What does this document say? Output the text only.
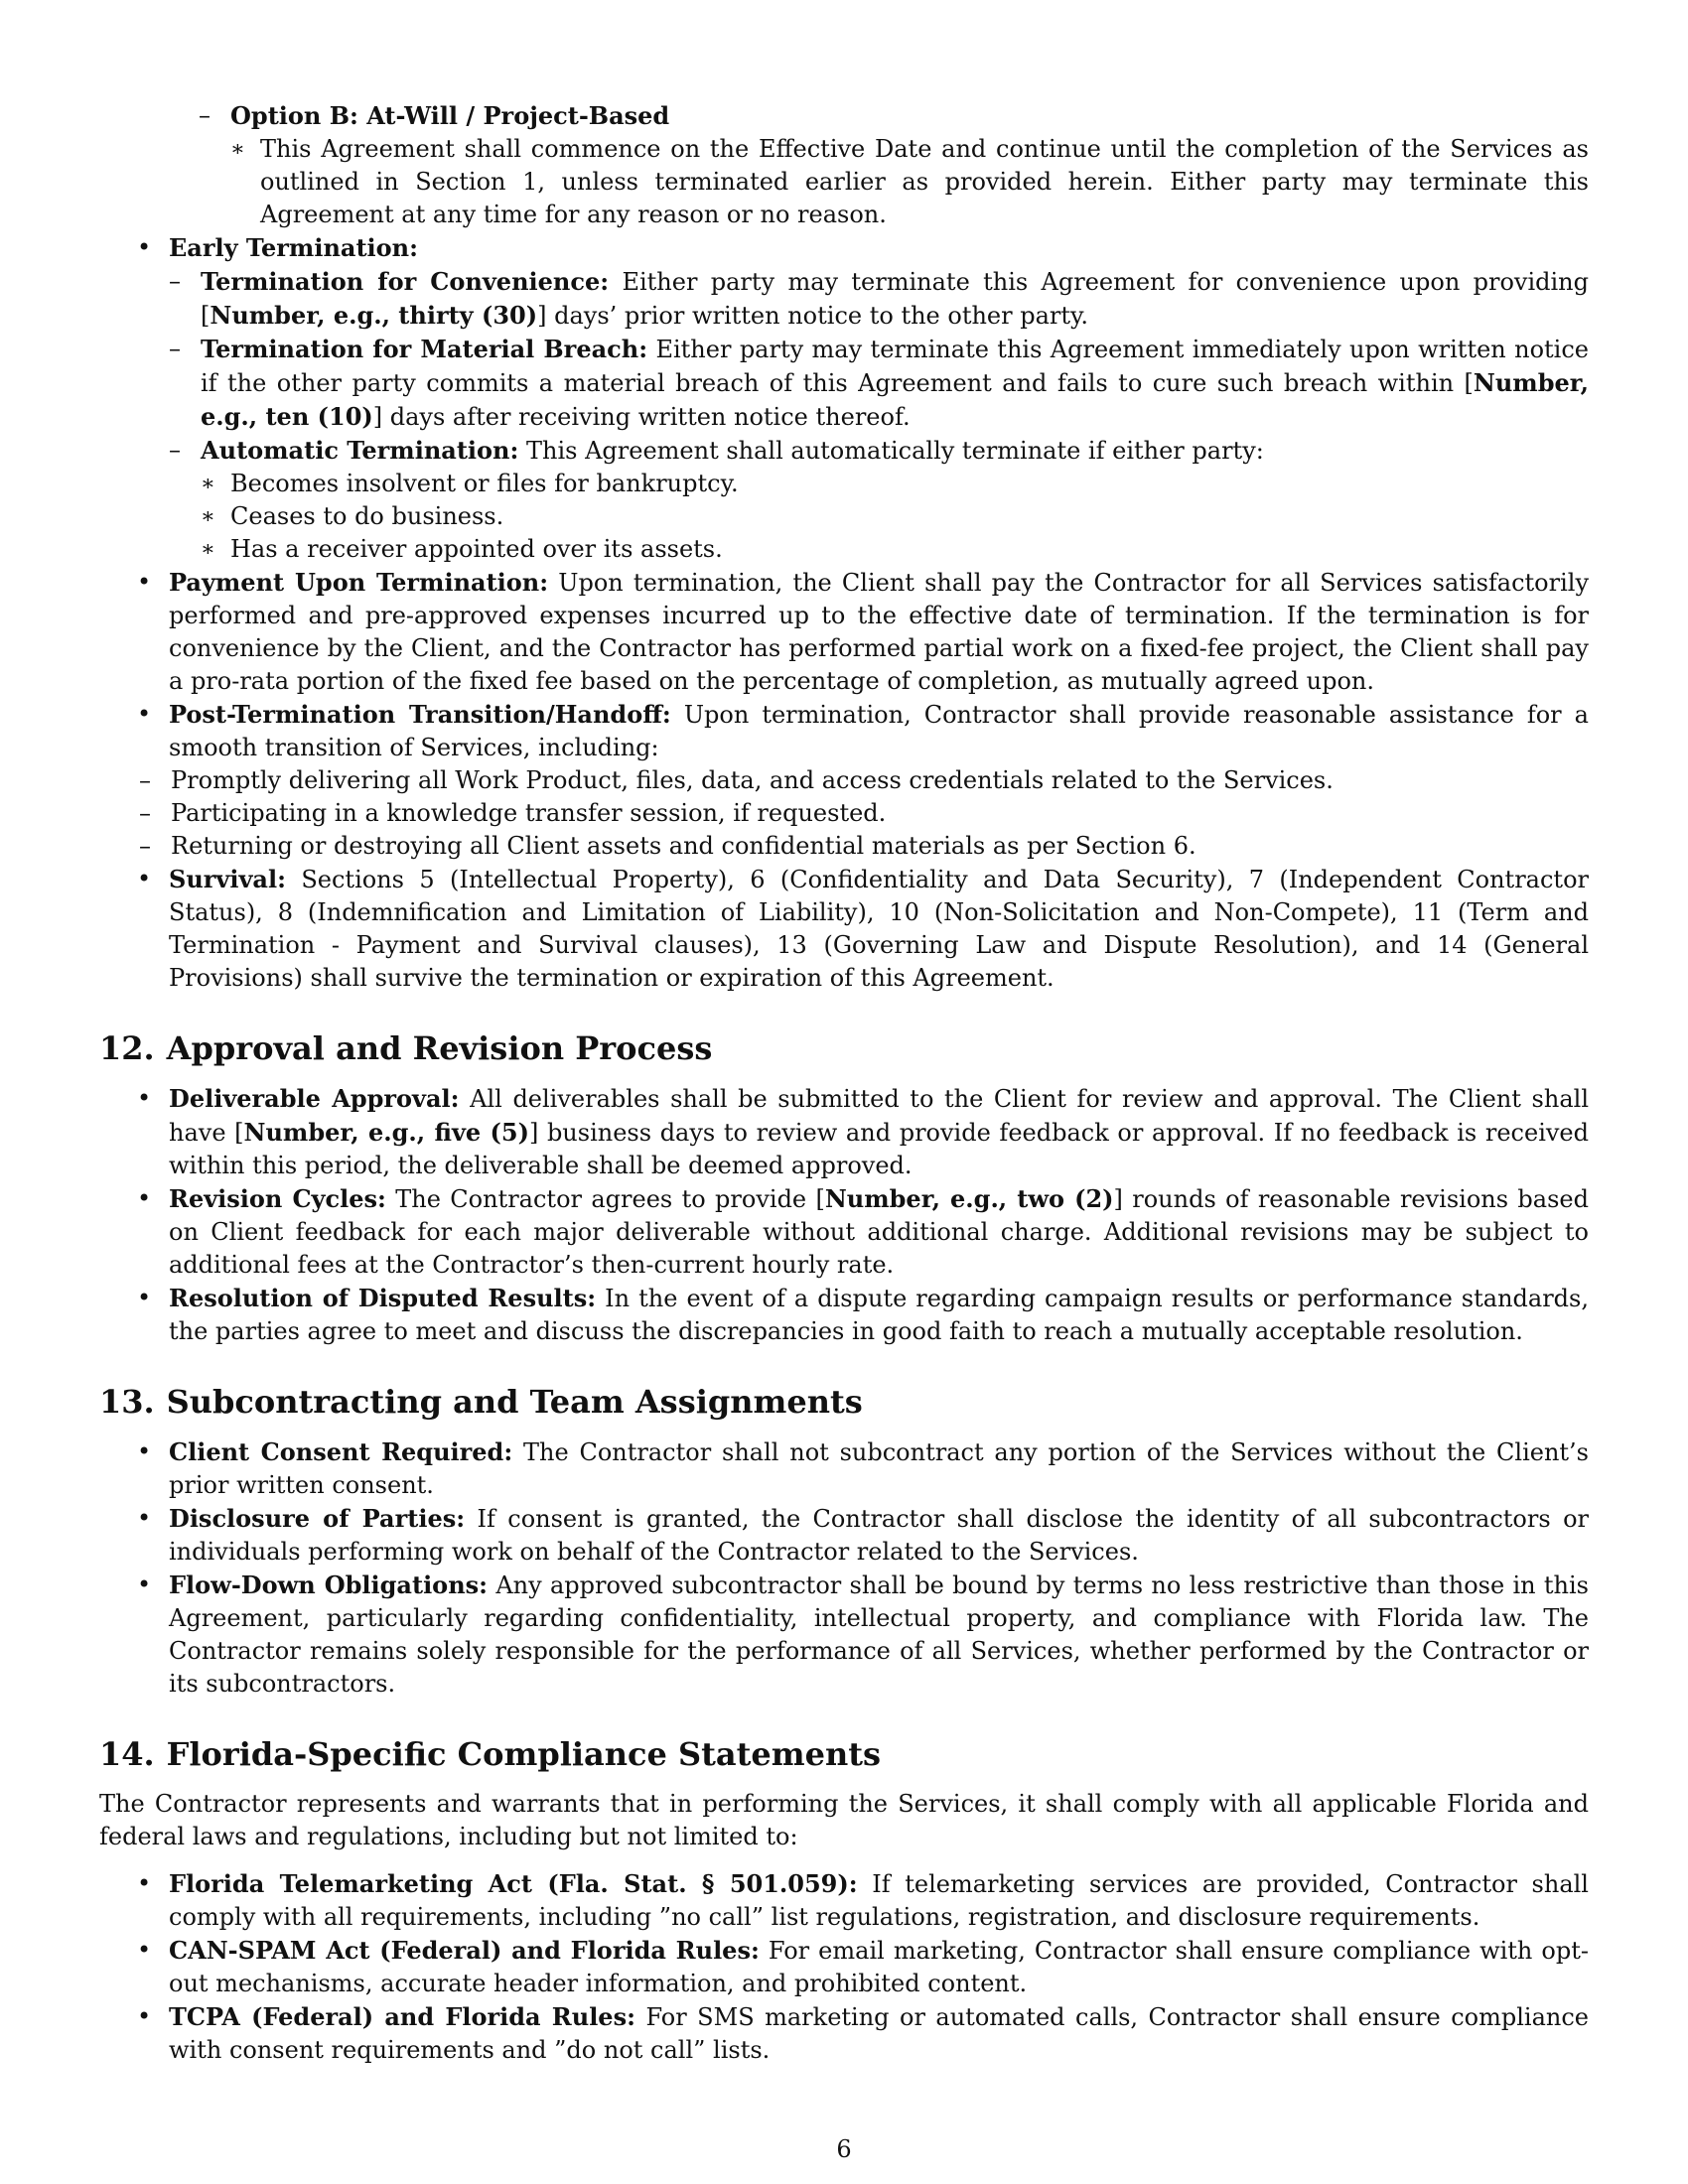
– Option B: At-Will / Project-Based
∗ This Agreement shall commence on the Effective Date and continue until the completion of the Services as outlined in Section 1, unless terminated earlier as provided herein. Either party may terminate this Agreement at any time for any reason or no reason.
• Early Termination:
– Termination for Convenience: Either party may terminate this Agreement for convenience upon providing [Number, e.g., thirty (30)] days’ prior written notice to the other party.
– Termination for Material Breach: Either party may terminate this Agreement immediately upon written notice if the other party commits a material breach of this Agreement and fails to cure such breach within [Number, e.g., ten (10)] days after receiving written notice thereof.
– Automatic Termination: This Agreement shall automatically terminate if either party:
∗ Becomes insolvent or files for bankruptcy.
∗ Ceases to do business.
∗ Has a receiver appointed over its assets.
• Payment Upon Termination: Upon termination, the Client shall pay the Contractor for all Services satisfactorily performed and pre-approved expenses incurred up to the effective date of termination. If the termination is for convenience by the Client, and the Contractor has performed partial work on a fixed-fee project, the Client shall pay a pro-rata portion of the fixed fee based on the percentage of completion, as mutually agreed upon.
• Post-Termination Transition/Handoff: Upon termination, Contractor shall provide reasonable assistance for a smooth transition of Services, including:
– Promptly delivering all Work Product, files, data, and access credentials related to the Services.
– Participating in a knowledge transfer session, if requested.
– Returning or destroying all Client assets and confidential materials as per Section 6.
• Survival: Sections 5 (Intellectual Property), 6 (Confidentiality and Data Security), 7 (Independent Contractor Status), 8 (Indemnification and Limitation of Liability), 10 (Non-Solicitation and Non-Compete), 11 (Term and Termination - Payment and Survival clauses), 13 (Governing Law and Dispute Resolution), and 14 (General Provisions) shall survive the termination or expiration of this Agreement.
12. Approval and Revision Process
• Deliverable Approval: All deliverables shall be submitted to the Client for review and approval. The Client shall have [Number, e.g., five (5)] business days to review and provide feedback or approval. If no feedback is received within this period, the deliverable shall be deemed approved.
• Revision Cycles: The Contractor agrees to provide [Number, e.g., two (2)] rounds of reasonable revisions based on Client feedback for each major deliverable without additional charge. Additional revisions may be subject to additional fees at the Contractor’s then-current hourly rate.
• Resolution of Disputed Results: In the event of a dispute regarding campaign results or performance standards, the parties agree to meet and discuss the discrepancies in good faith to reach a mutually acceptable resolution.
13. Subcontracting and Team Assignments
• Client Consent Required: The Contractor shall not subcontract any portion of the Services without the Client’s prior written consent.
• Disclosure of Parties: If consent is granted, the Contractor shall disclose the identity of all subcontractors or individuals performing work on behalf of the Contractor related to the Services.
• Flow-Down Obligations: Any approved subcontractor shall be bound by terms no less restrictive than those in this Agreement, particularly regarding confidentiality, intellectual property, and compliance with Florida law. The Contractor remains solely responsible for the performance of all Services, whether performed by the Contractor or its subcontractors.
14. Florida-Specific Compliance Statements

The Contractor represents and warrants that in performing the Services, it shall comply with all applicable Florida and federal laws and regulations, including but not limited to:

• Florida Telemarketing Act (Fla. Stat. § 501.059): If telemarketing services are provided, Contractor shall comply with all requirements, including ”no call” list regulations, registration, and disclosure requirements.
• CAN-SPAM Act (Federal) and Florida Rules: For email marketing, Contractor shall ensure compliance with opt-out mechanisms, accurate header information, and prohibited content.
• TCPA (Federal) and Florida Rules: For SMS marketing or automated calls, Contractor shall ensure compliance with consent requirements and ”do not call” lists.
6
